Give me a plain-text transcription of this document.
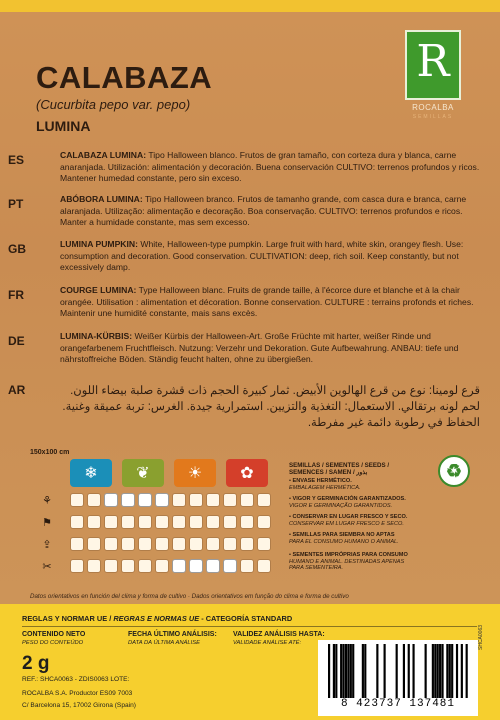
CALABAZA
(Cucurbita pepo var. pepo)
LUMINA
R
ROCALBA
SEMILLAS
ES	CALABAZA LUMINA: Tipo Halloween blanco. Frutos de gran tamaño, con corteza dura y blanca, carne anaranjada. Utilización: alimentación y decoración. Buena conservación CULTIVO: terrenos profundos y ricos. Mantener humedad constante, pero sin exceso.
PT	ABÓBORA LUMINA: Tipo Halloween branco. Frutos de tamanho grande, com casca dura e branca, carne alaranjada. Utilização: alimentação e decoração. Boa conservação. CULTIVO: terrenos profundos e ricos. Manter a humidade constante, mas sem excesso.
GB	LUMINA PUMPKIN: White, Halloween-type pumpkin. Large fruit with hard, white skin, orangey flesh. Use: consumption and decoration. Good conservation. CULTIVATION: deep, rich soil. Keep constantly, but not excessively damp.
FR	COURGE LUMINA: Type Halloween blanc. Fruits de grande taille, à l'écorce dure et blanche et à la chair orangée. Utilisation : alimentation et décoration. Bonne conservation. CULTURE : terrains profonds et riches. Maintenir une humidité constante, mais sans excès.
DE	LUMINA-KÜRBIS: Weißer Kürbis der Halloween-Art. Große Früchte mit harter, weißer Rinde und orangefarbenem Fruchtfleisch. Nutzung: Verzehr und Dekoration. Gute Aufbewahrung. ANBAU: tiefe und nährstoffreiche Böden. Ständig feucht halten, ohne zu übergießen.
AR	قرع لومينا: نوع من قرع الهالوين الأبيض. ثمار كبيرة الحجم ذات قشرة صلبة بيضاء اللون. لحم لونه برتقالي. الاستعمال: التغذية والتزيين. استمرارية جيدة. الغرس: تربة عميقة وغنية. الحفاظ في رطوبة دائمة غير مفرطة.
150x100 cm
❄	❦	☀	✿
⚘
⚑
⇪
✂
SEMILLAS / SEMENTES / SEEDS /
SEMENCES / SAMEN / بذور
• ENVASE HERMÉTICO.
EMBALAGEM HERMÉTICA.
• VIGOR Y GERMINACIÓN GARANTIZADOS.
VIGOR E GERMINAÇÃO GARANTIDOS.
• CONSERVAR EN LUGAR FRESCO Y SECO.
CONSERVAR EM LUGAR FRESCO E SECO.
• SEMILLAS PARA SIEMBRA NO APTAS
PARA EL CONSUMO HUMANO O ANIMAL.
• SEMENTES IMPRÓPRIAS PARA CONSUMO
HUMANO E ANIMAL. DESTINADAS APENAS PARA SEMENTEIRA.
♻
Datos orientativos en función del clima y forma de cultivo · Dados orientativos em função do clima e forma de cultivo
REGLAS Y NORMAR UE / REGRAS E NORMAS UE - CATEGORÍA STANDARD
CONTENIDO NETO
PESO DO CONTEÚDO
FECHA ÚLTIMO ANÁLISIS:
DATA DA ÚLTIMA ANÁLISE
VALIDEZ ANÁLISIS HASTA:
VALIDADE ANÁLISE ATÉ:
2 g
REF.: SHCA0063 - ZDIS0063 LOTE:
ROCALBA S.A. Productor ES09 7003
C/ Barcelona 15, 17002 Girona (Spain)	8 423737 137481
SHCA0063
